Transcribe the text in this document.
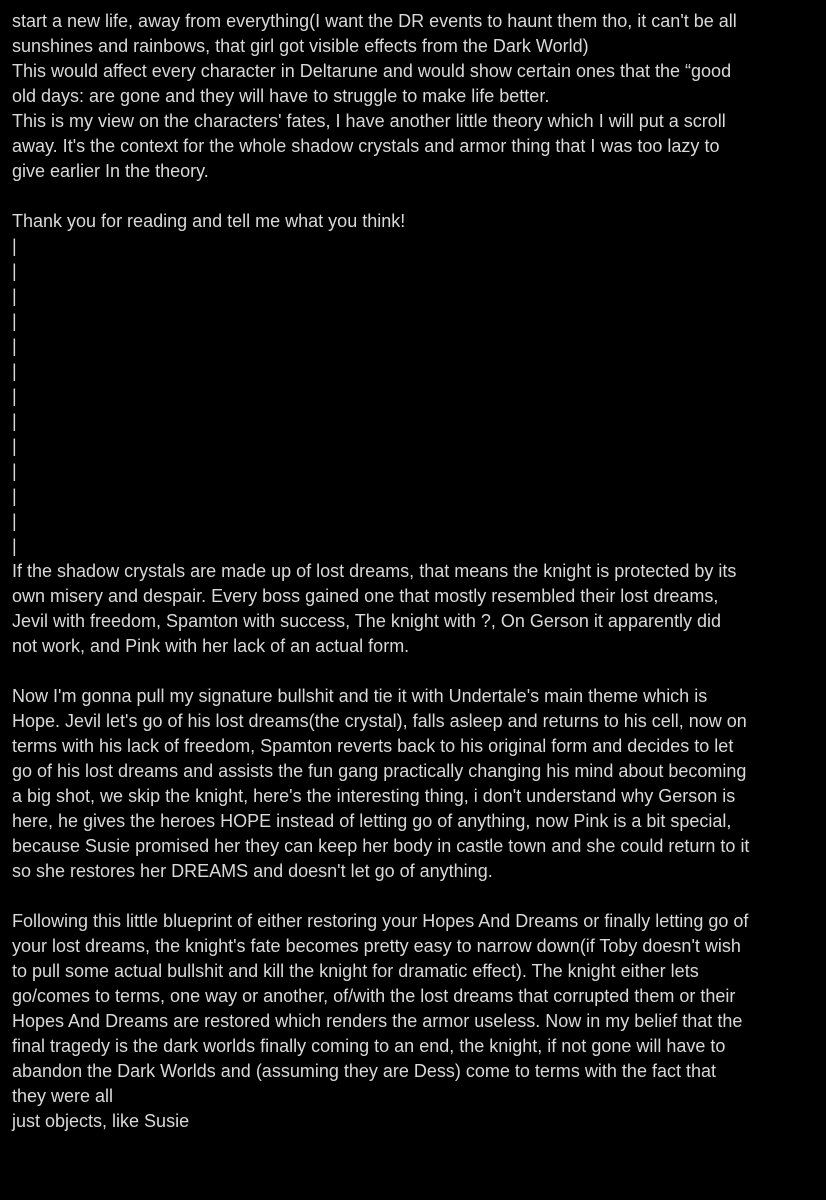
start a new life, away from everything(I want the DR events to haunt them tho, it can't be all
sunshines and rainbows, that girl got visible effects from the Dark World)
This would affect every character in Deltarune and would show certain ones that the “good
old days: are gone and they will have to struggle to make life better.
This is my view on the characters' fates, I have another little theory which I will put a scroll
away. It's the context for the whole shadow crystals and armor thing that I was too lazy to
give earlier In the theory.
Thank you for reading and tell me what you think!
|
|
|
|
|
|
|
|
|
|
|
|
|
If the shadow crystals are made up of lost dreams, that means the knight is protected by its
own misery and despair. Every boss gained one that mostly resembled their lost dreams,
Jevil with freedom, Spamton with success, The knight with ?, On Gerson it apparently did
not work, and Pink with her lack of an actual form.
Now I'm gonna pull my signature bullshit and tie it with Undertale's main theme which is
Hope. Jevil let's go of his lost dreams(the crystal), falls asleep and returns to his cell, now on
terms with his lack of freedom, Spamton reverts back to his original form and decides to let
go of his lost dreams and assists the fun gang practically changing his mind about becoming
a big shot, we skip the knight, here's the interesting thing, i don't understand why Gerson is
here, he gives the heroes HOPE instead of letting go of anything, now Pink is a bit special,
because Susie promised her they can keep her body in castle town and she could return to it
so she restores her DREAMS and doesn't let go of anything.
Following this little blueprint of either restoring your Hopes And Dreams or finally letting go of
your lost dreams, the knight's fate becomes pretty easy to narrow down(if Toby doesn't wish
to pull some actual bullshit and kill the knight for dramatic effect). The knight either lets
go/comes to terms, one way or another, of/with the lost dreams that corrupted them or their
Hopes And Dreams are restored which renders the armor useless. Now in my belief that the
final tragedy is the dark worlds finally coming to an end, the knight, if not gone will have to
abandon the Dark Worlds and (assuming they are Dess) come to terms with the fact that
they were all
just objects, like Susie
